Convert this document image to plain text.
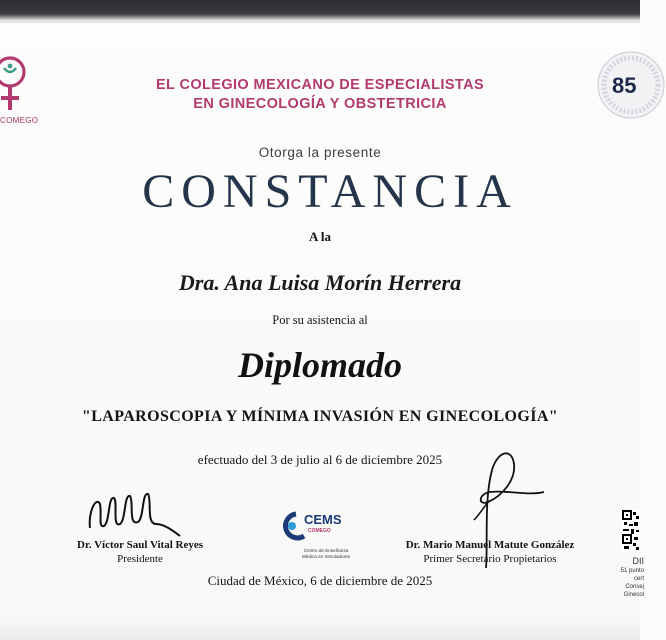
COMEGO
85
EL COLEGIO MEXICANO DE ESPECIALISTAS
EN GINECOLOGÍA Y OBSTETRICIA
Otorga la presente
CONSTANCIA
A la
Dra. Ana Luisa Morín Herrera
Por su asistencia al
Diplomado
"LAPAROSCOPIA Y MÍNIMA INVASIÓN EN GINECOLOGÍA"
efectuado del 3 de julio al 6 de diciembre 2025
Dr. Víctor Saul Vital Reyes
Presidente
CEMS
COMEGO
Centro de Enseñanza
Médica en Simuladores
Dr. Mario Manuel Matute González
Primer Secretario Propietarios
Ciudad de México, 6 de diciembre de 2025
DII
51 punto
cert
Consej
Ginecol
